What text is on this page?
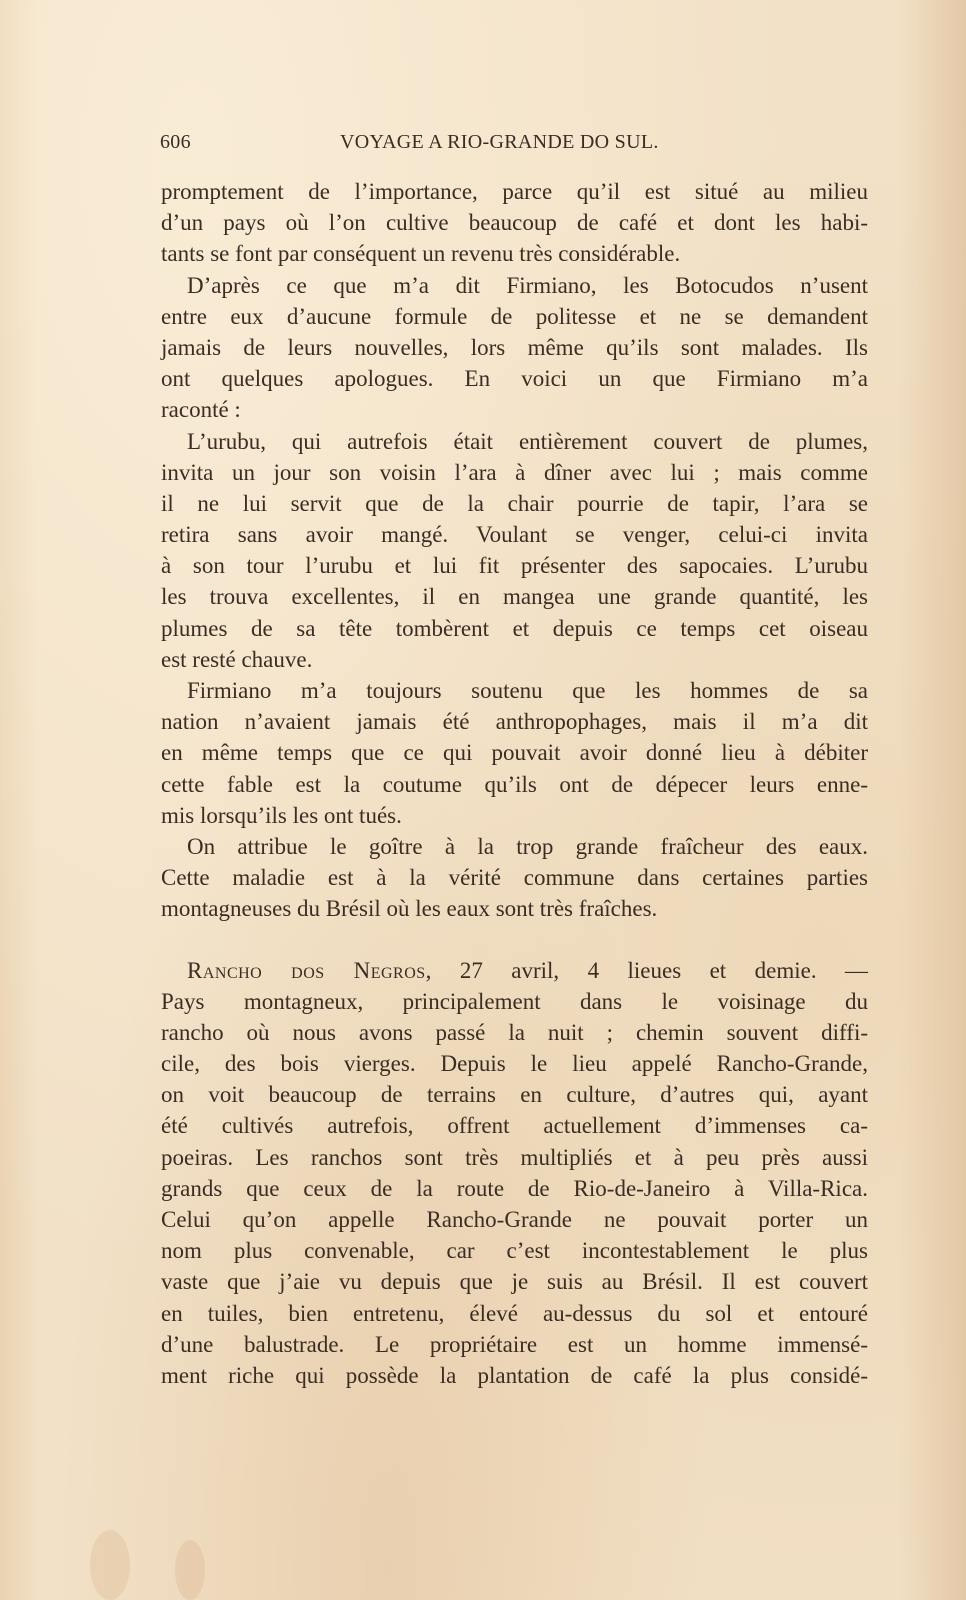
606	VOYAGE A RIO-GRANDE DO SUL.
promptement de l’importance, parce qu’il est situé au milieu
d’un pays où l’on cultive beaucoup de café et dont les habi-
tants se font par conséquent un revenu très considérable.
D’après ce que m’a dit Firmiano, les Botocudos n’usent
entre eux d’aucune formule de politesse et ne se demandent
jamais de leurs nouvelles, lors même qu’ils sont malades. Ils
ont quelques apologues. En voici un que Firmiano m’a
raconté :
L’urubu, qui autrefois était entièrement couvert de plumes,
invita un jour son voisin l’ara à dîner avec lui ; mais comme
il ne lui servit que de la chair pourrie de tapir, l’ara se
retira sans avoir mangé. Voulant se venger, celui-ci invita
à son tour l’urubu et lui fit présenter des sapocaies. L’urubu
les trouva excellentes, il en mangea une grande quantité, les
plumes de sa tête tombèrent et depuis ce temps cet oiseau
est resté chauve.
Firmiano m’a toujours soutenu que les hommes de sa
nation n’avaient jamais été anthropophages, mais il m’a dit
en même temps que ce qui pouvait avoir donné lieu à débiter
cette fable est la coutume qu’ils ont de dépecer leurs enne-
mis lorsqu’ils les ont tués.
On attribue le goître à la trop grande fraîcheur des eaux.
Cette maladie est à la vérité commune dans certaines parties
montagneuses du Brésil où les eaux sont très fraîches.
Rancho dos Negros, 27 avril, 4 lieues et demie. —
Pays montagneux, principalement dans le voisinage du
rancho où nous avons passé la nuit ; chemin souvent diffi-
cile, des bois vierges. Depuis le lieu appelé Rancho-Grande,
on voit beaucoup de terrains en culture, d’autres qui, ayant
été cultivés autrefois, offrent actuellement d’immenses ca-
poeiras. Les ranchos sont très multipliés et à peu près aussi
grands que ceux de la route de Rio-de-Janeiro à Villa-Rica.
Celui qu’on appelle Rancho-Grande ne pouvait porter un
nom plus convenable, car c’est incontestablement le plus
vaste que j’aie vu depuis que je suis au Brésil. Il est couvert
en tuiles, bien entretenu, élevé au-dessus du sol et entouré
d’une balustrade. Le propriétaire est un homme immensé-
ment riche qui possède la plantation de café la plus considé-
